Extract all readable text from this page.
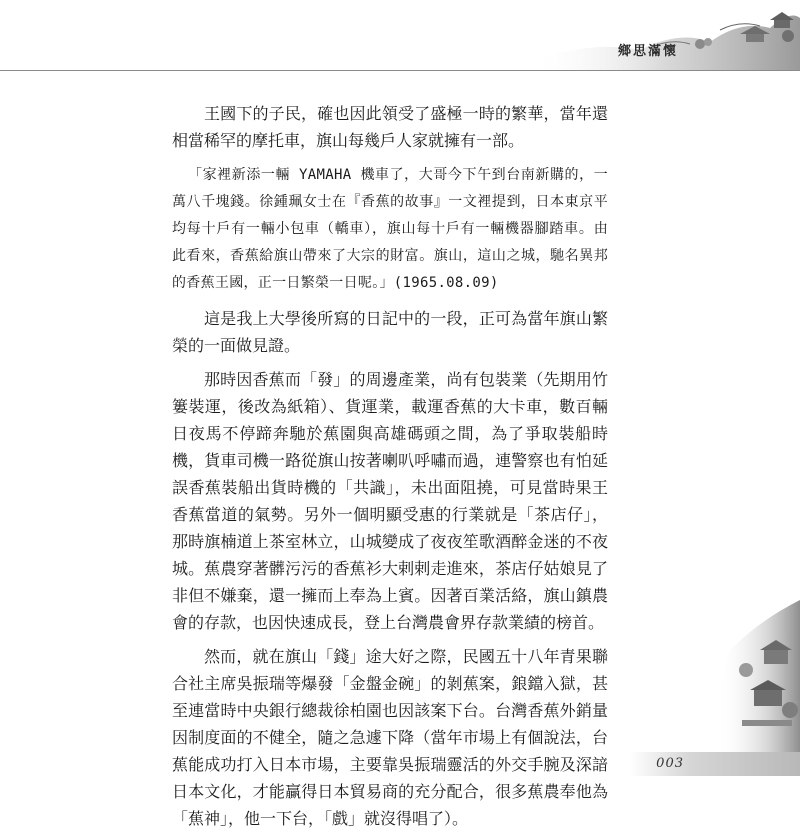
鄉思滿懷

王國下的子民，確也因此領受了盛極一時的繁華，當年還相當稀罕的摩托車，旗山每幾戶人家就擁有一部。

「家裡新添一輛 YAMAHA 機車了，大哥今下午到台南新購的，一萬八千塊錢。徐鍾珮女士在『香蕉的故事』一文裡提到，日本東京平均每十戶有一輛小包車（轎車），旗山每十戶有一輛機器腳踏車。由此看來，香蕉給旗山帶來了大宗的財富。旗山，這山之城，馳名異邦的香蕉王國，正一日繁榮一日呢。」(1965.08.09)

這是我上大學後所寫的日記中的一段，正可為當年旗山繁榮的一面做見證。

那時因香蕉而「發」的周邊產業，尚有包裝業（先期用竹簍裝運，後改為紙箱）、貨運業，載運香蕉的大卡車，數百輛日夜馬不停蹄奔馳於蕉園與高雄碼頭之間，為了爭取裝船時機，貨車司機一路從旗山按著喇叭呼嘯而過，連警察也有怕延誤香蕉裝船出貨時機的「共識」，未出面阻撓，可見當時果王香蕉當道的氣勢。另外一個明顯受惠的行業就是「茶店仔」，那時旗楠道上茶室林立，山城變成了夜夜笙歌酒醉金迷的不夜城。蕉農穿著髒污污的香蕉衫大剌剌走進來，茶店仔姑娘見了非但不嫌棄，還一擁而上奉為上賓。因著百業活絡，旗山鎮農會的存款，也因快速成長，登上台灣農會界存款業績的榜首。

然而，就在旗山「錢」途大好之際，民國五十八年青果聯合社主席吳振瑞等爆發「金盤金碗」的剝蕉案，鋃鐺入獄，甚至連當時中央銀行總裁徐柏園也因該案下台。台灣香蕉外銷量因制度面的不健全，隨之急遽下降（當年市場上有個說法，台蕉能成功打入日本市場，主要靠吳振瑞靈活的外交手腕及深諳日本文化，才能贏得日本貿易商的充分配合，很多蕉農奉他為「蕉神」，他一下台，「戲」就沒得唱了）。

003
